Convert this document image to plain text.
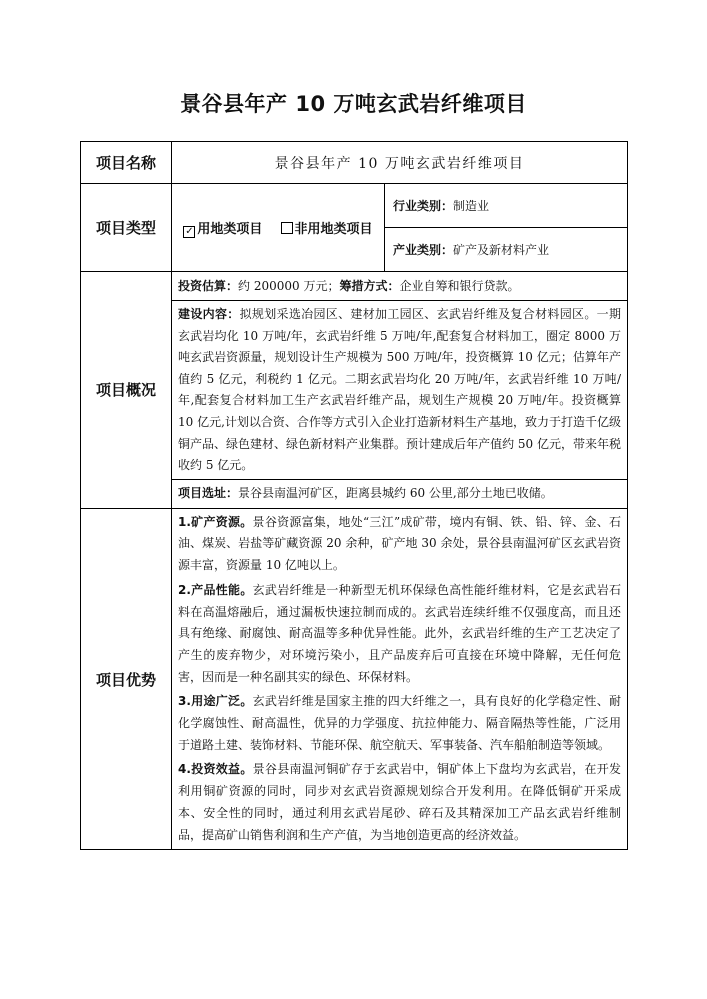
景谷县年产 10 万吨玄武岩纤维项目
项目名称	景谷县年产 10 万吨玄武岩纤维项目	
项目类型	✓ 用地类项目 非用地类项目	行业类别：制造业
		产业类别：矿产及新材料产业
项目概况	投资估算：约 200000 万元；筹措方式：企业自筹和银行贷款。	

	建设内容：拟规划采选冶园区、建材加工园区、玄武岩纤维及复合材料园区。一期玄武岩均化 10 万吨/年，玄武岩纤维 5 万吨/年,配套复合材料加工，圈定 8000 万吨玄武岩资源量，规划设计生产规模为 500 万吨/年，投资概算 10 亿元；估算年产值约 5 亿元，利税约 1 亿元。二期玄武岩均化 20 万吨/年，玄武岩纤维 10 万吨/年,配套复合材料加工生产玄武岩纤维产品，规划生产规模 20 万吨/年。投资概算 10 亿元,计划以合资、合作等方式引入企业打造新材料生产基地，致力于打造千亿级铜产品、绿色建材、绿色新材料产业集群。预计建成后年产值约 50 亿元，带来年税收约 5 亿元。	

	项目选址：景谷县南温河矿区，距离县城约 60 公里,部分土地已收储。	

项目优势	1.矿产资源。景谷资源富集，地处“三江”成矿带，境内有铜、铁、铅、锌、金、石油、煤炭、岩盐等矿藏资源 20 余种，矿产地 30 余处，景谷县南温河矿区玄武岩资源丰富，资源量 10 亿吨以上。
2.产品性能。玄武岩纤维是一种新型无机环保绿色高性能纤维材料，它是玄武岩石料在高温熔融后，通过漏板快速拉制而成的。玄武岩连续纤维不仅强度高，而且还具有绝缘、耐腐蚀、耐高温等多种优异性能。此外，玄武岩纤维的生产工艺决定了产生的废弃物少，对环境污染小，且产品废弃后可直接在环境中降解，无任何危害，因而是一种名副其实的绿色、环保材料。
3.用途广泛。玄武岩纤维是国家主推的四大纤维之一，具有良好的化学稳定性、耐化学腐蚀性、耐高温性，优异的力学强度、抗拉伸能力、隔音隔热等性能，广泛用于道路土建、装饰材料、节能环保、航空航天、军事装备、汽车船舶制造等领域。
4.投资效益。景谷县南温河铜矿存于玄武岩中，铜矿体上下盘均为玄武岩，在开发利用铜矿资源的同时，同步对玄武岩资源规划综合开发利用。在降低铜矿开采成本、安全性的同时，通过利用玄武岩尾砂、碎石及其精深加工产品玄武岩纤维制品，提高矿山销售利润和生产产值，为当地创造更高的经济效益。	
